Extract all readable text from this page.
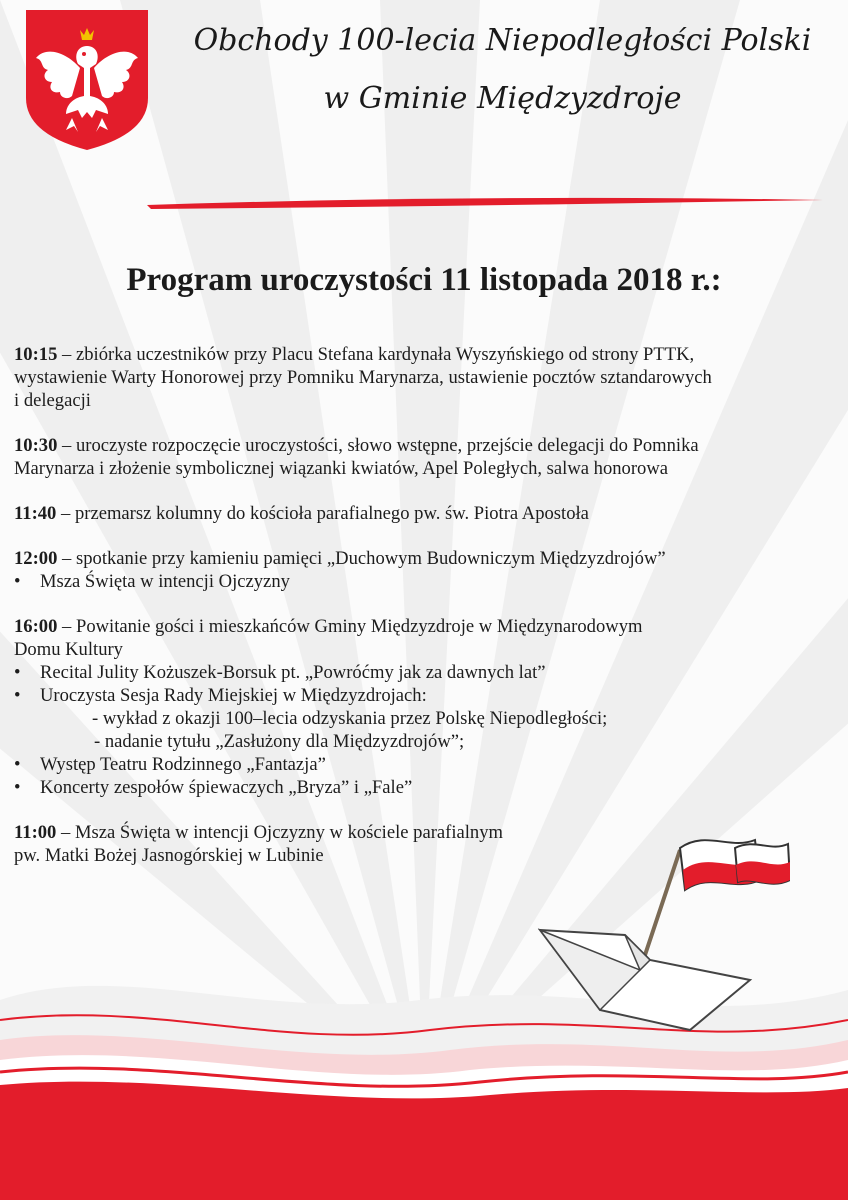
Obchody 100-lecia Niepodległości Polski
w Gminie Międzyzdroje
Program uroczystości 11 listopada 2018 r.:
10:15 – zbiórka uczestników przy Placu Stefana kardynała Wyszyńskiego od strony PTTK,
wystawienie Warty Honorowej przy Pomniku Marynarza, ustawienie pocztów sztandarowych
i delegacji
10:30 – uroczyste rozpoczęcie uroczystości, słowo wstępne, przejście delegacji do Pomnika
Marynarza i złożenie symbolicznej wiązanki kwiatów, Apel Poległych, salwa honorowa
11:40 – przemarsz kolumny do kościoła parafialnego pw. św. Piotra Apostoła
12:00 – spotkanie przy kamieniu pamięci „Duchowym Budowniczym Międzyzdrojów”
• Msza Święta w intencji Ojczyzny
16:00 – Powitanie gości i mieszkańców Gminy Międzyzdroje w Międzynarodowym
Domu Kultury
• Recital Julity Kożuszek-Borsuk pt. „Powróćmy jak za dawnych lat”
• Uroczysta Sesja Rady Miejskiej w Międzyzdrojach:
- wykład z okazji 100–lecia odzyskania przez Polskę Niepodległości;
- nadanie tytułu „Zasłużony dla Międzyzdrojów”;
• Występ Teatru Rodzinnego „Fantazja”
• Koncerty zespołów śpiewaczych „Bryza” i „Fale”
11:00 – Msza Święta w intencji Ojczyzny w kościele parafialnym
pw. Matki Bożej Jasnogórskiej w Lubinie
